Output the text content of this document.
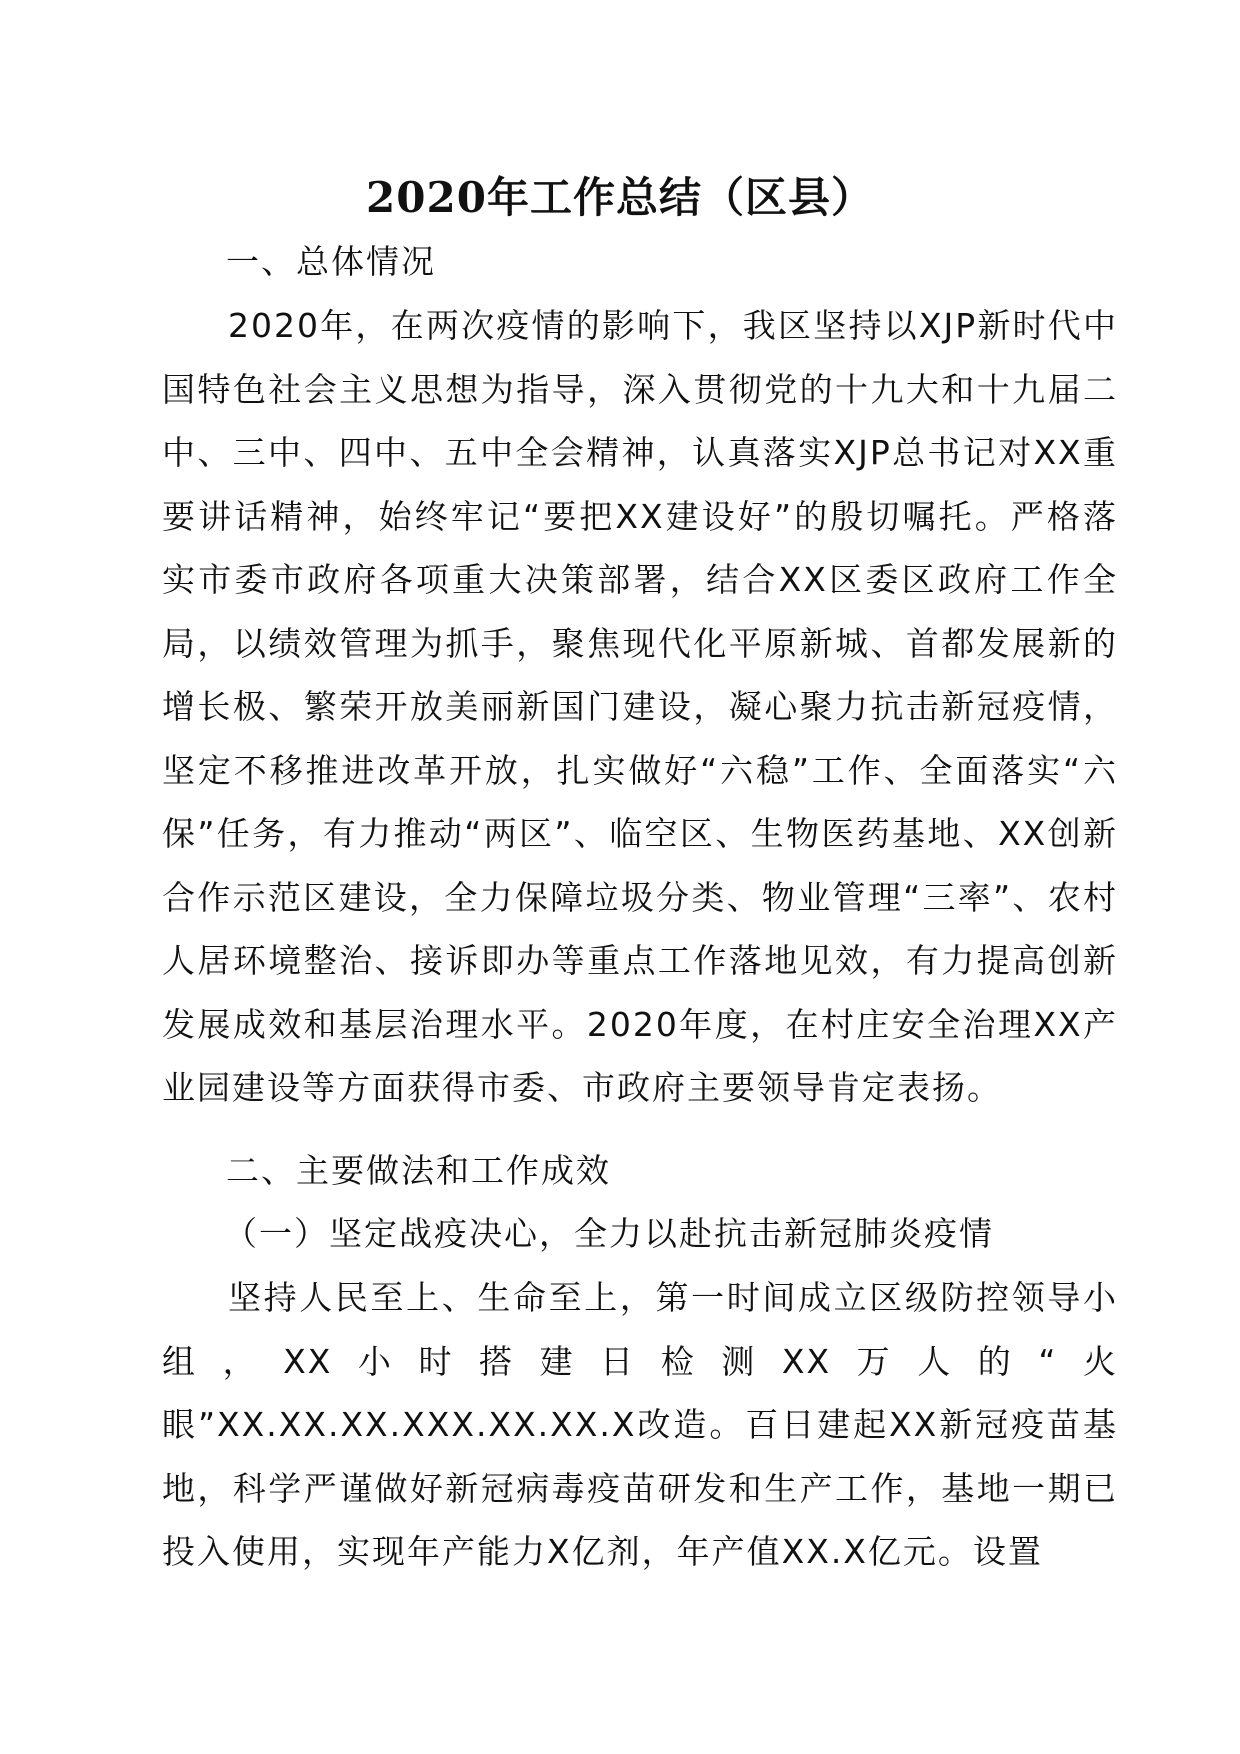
2020年工作总结（区县）
一、总体情况

2020年，在两次疫情的影响下，我区坚持以XJP新时代中国特色社会主义思想为指导，深入贯彻党的十九大和十九届二中、三中、四中、五中全会精神，认真落实XJP总书记对XX重要讲话精神，始终牢记“要把XX建设好”的殷切嘱托。严格落实市委市政府各项重大决策部署，结合XX区委区政府工作全局，以绩效管理为抓手，聚焦现代化平原新城、首都发展新的增长极、繁荣开放美丽新国门建设，凝心聚力抗击新冠疫情，坚定不移推进改革开放，扎实做好“六稳”工作、全面落实“六保”任务，有力推动“两区”、临空区、生物医药基地、XX创新合作示范区建设，全力保障垃圾分类、物业管理“三率”、农村人居环境整治、接诉即办等重点工作落地见效，有力提高创新发展成效和基层治理水平。2020年度，在村庄安全治理XX产业园建设等方面获得市委、市政府主要领导肯定表扬。

二、主要做法和工作成效
（一）坚定战疫决心，全力以赴抗击新冠肺炎疫情

坚持人民至上、生命至上，第一时间成立区级防控领导小组，XX小时搭建日检测XX万人的“火眼”XX.XX.XX.XXX.XX.XX.X改造。百日建起XX新冠疫苗基地，科学严谨做好新冠病毒疫苗研发和生产工作，基地一期已投入使用，实现年产能力X亿剂，年产值XX.X亿元。设置
